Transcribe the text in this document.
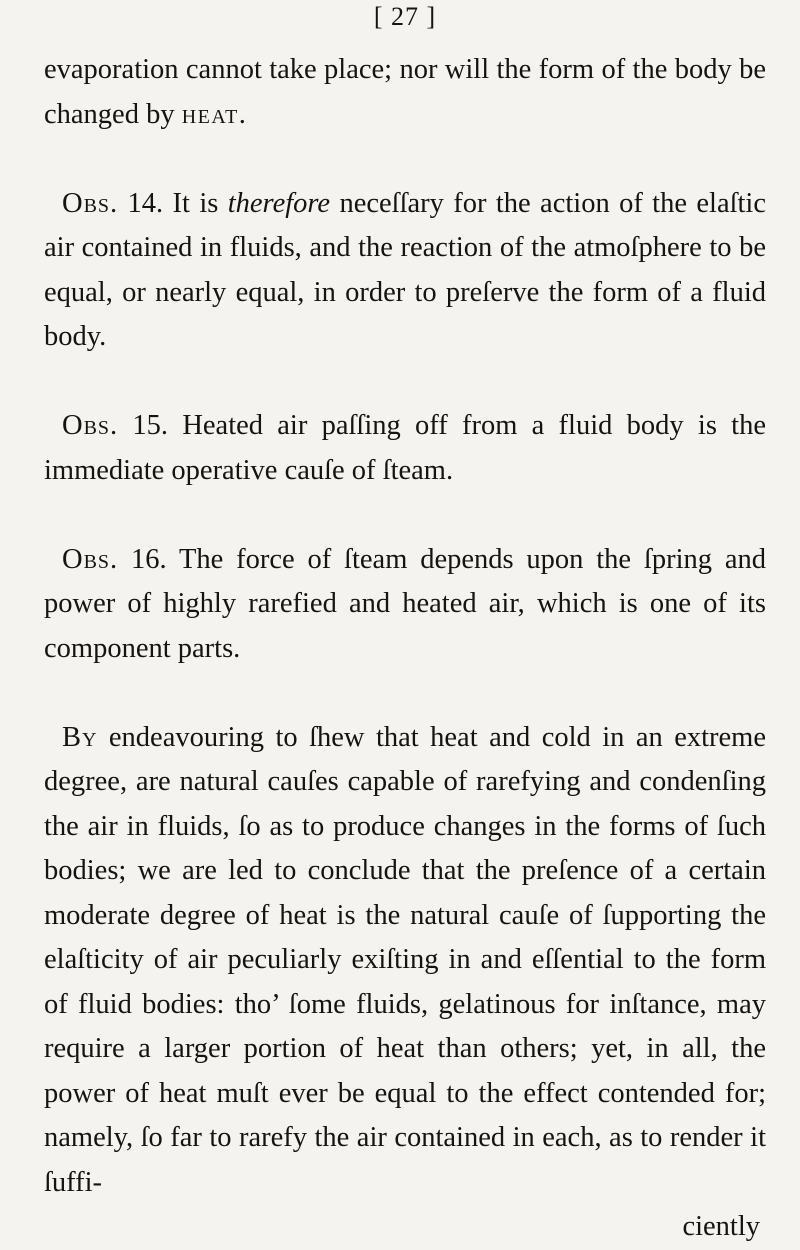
[ 27 ]

evaporation cannot take place; nor will the form of the body be changed by heat.

Obs. 14. It is therefore neceſſary for the action of the elaſtic air contained in fluids, and the reaction of the atmoſphere to be equal, or nearly equal, in order to preſerve the form of a fluid body.

Obs. 15. Heated air paſſing off from a fluid body is the immediate operative cauſe of ſteam.

Obs. 16. The force of ſteam depends upon the ſpring and power of highly rarefied and heated air, which is one of its component parts.

By endeavouring to ſhew that heat and cold in an extreme degree, are natural cauſes capable of rarefying and condenſing the air in fluids, ſo as to produce changes in the forms of ſuch bodies; we are led to conclude that the preſence of a certain moderate degree of heat is the natural cauſe of ſupporting the elaſticity of air peculiarly exiſting in and eſſential to the form of fluid bodies: tho’ ſome fluids, gelatinous for inſtance, may require a larger portion of heat than others; yet, in all, the power of heat muſt ever be equal to the effect contended for; namely, ſo far to rarefy the air contained in each, as to render it ſuffi-

ciently
